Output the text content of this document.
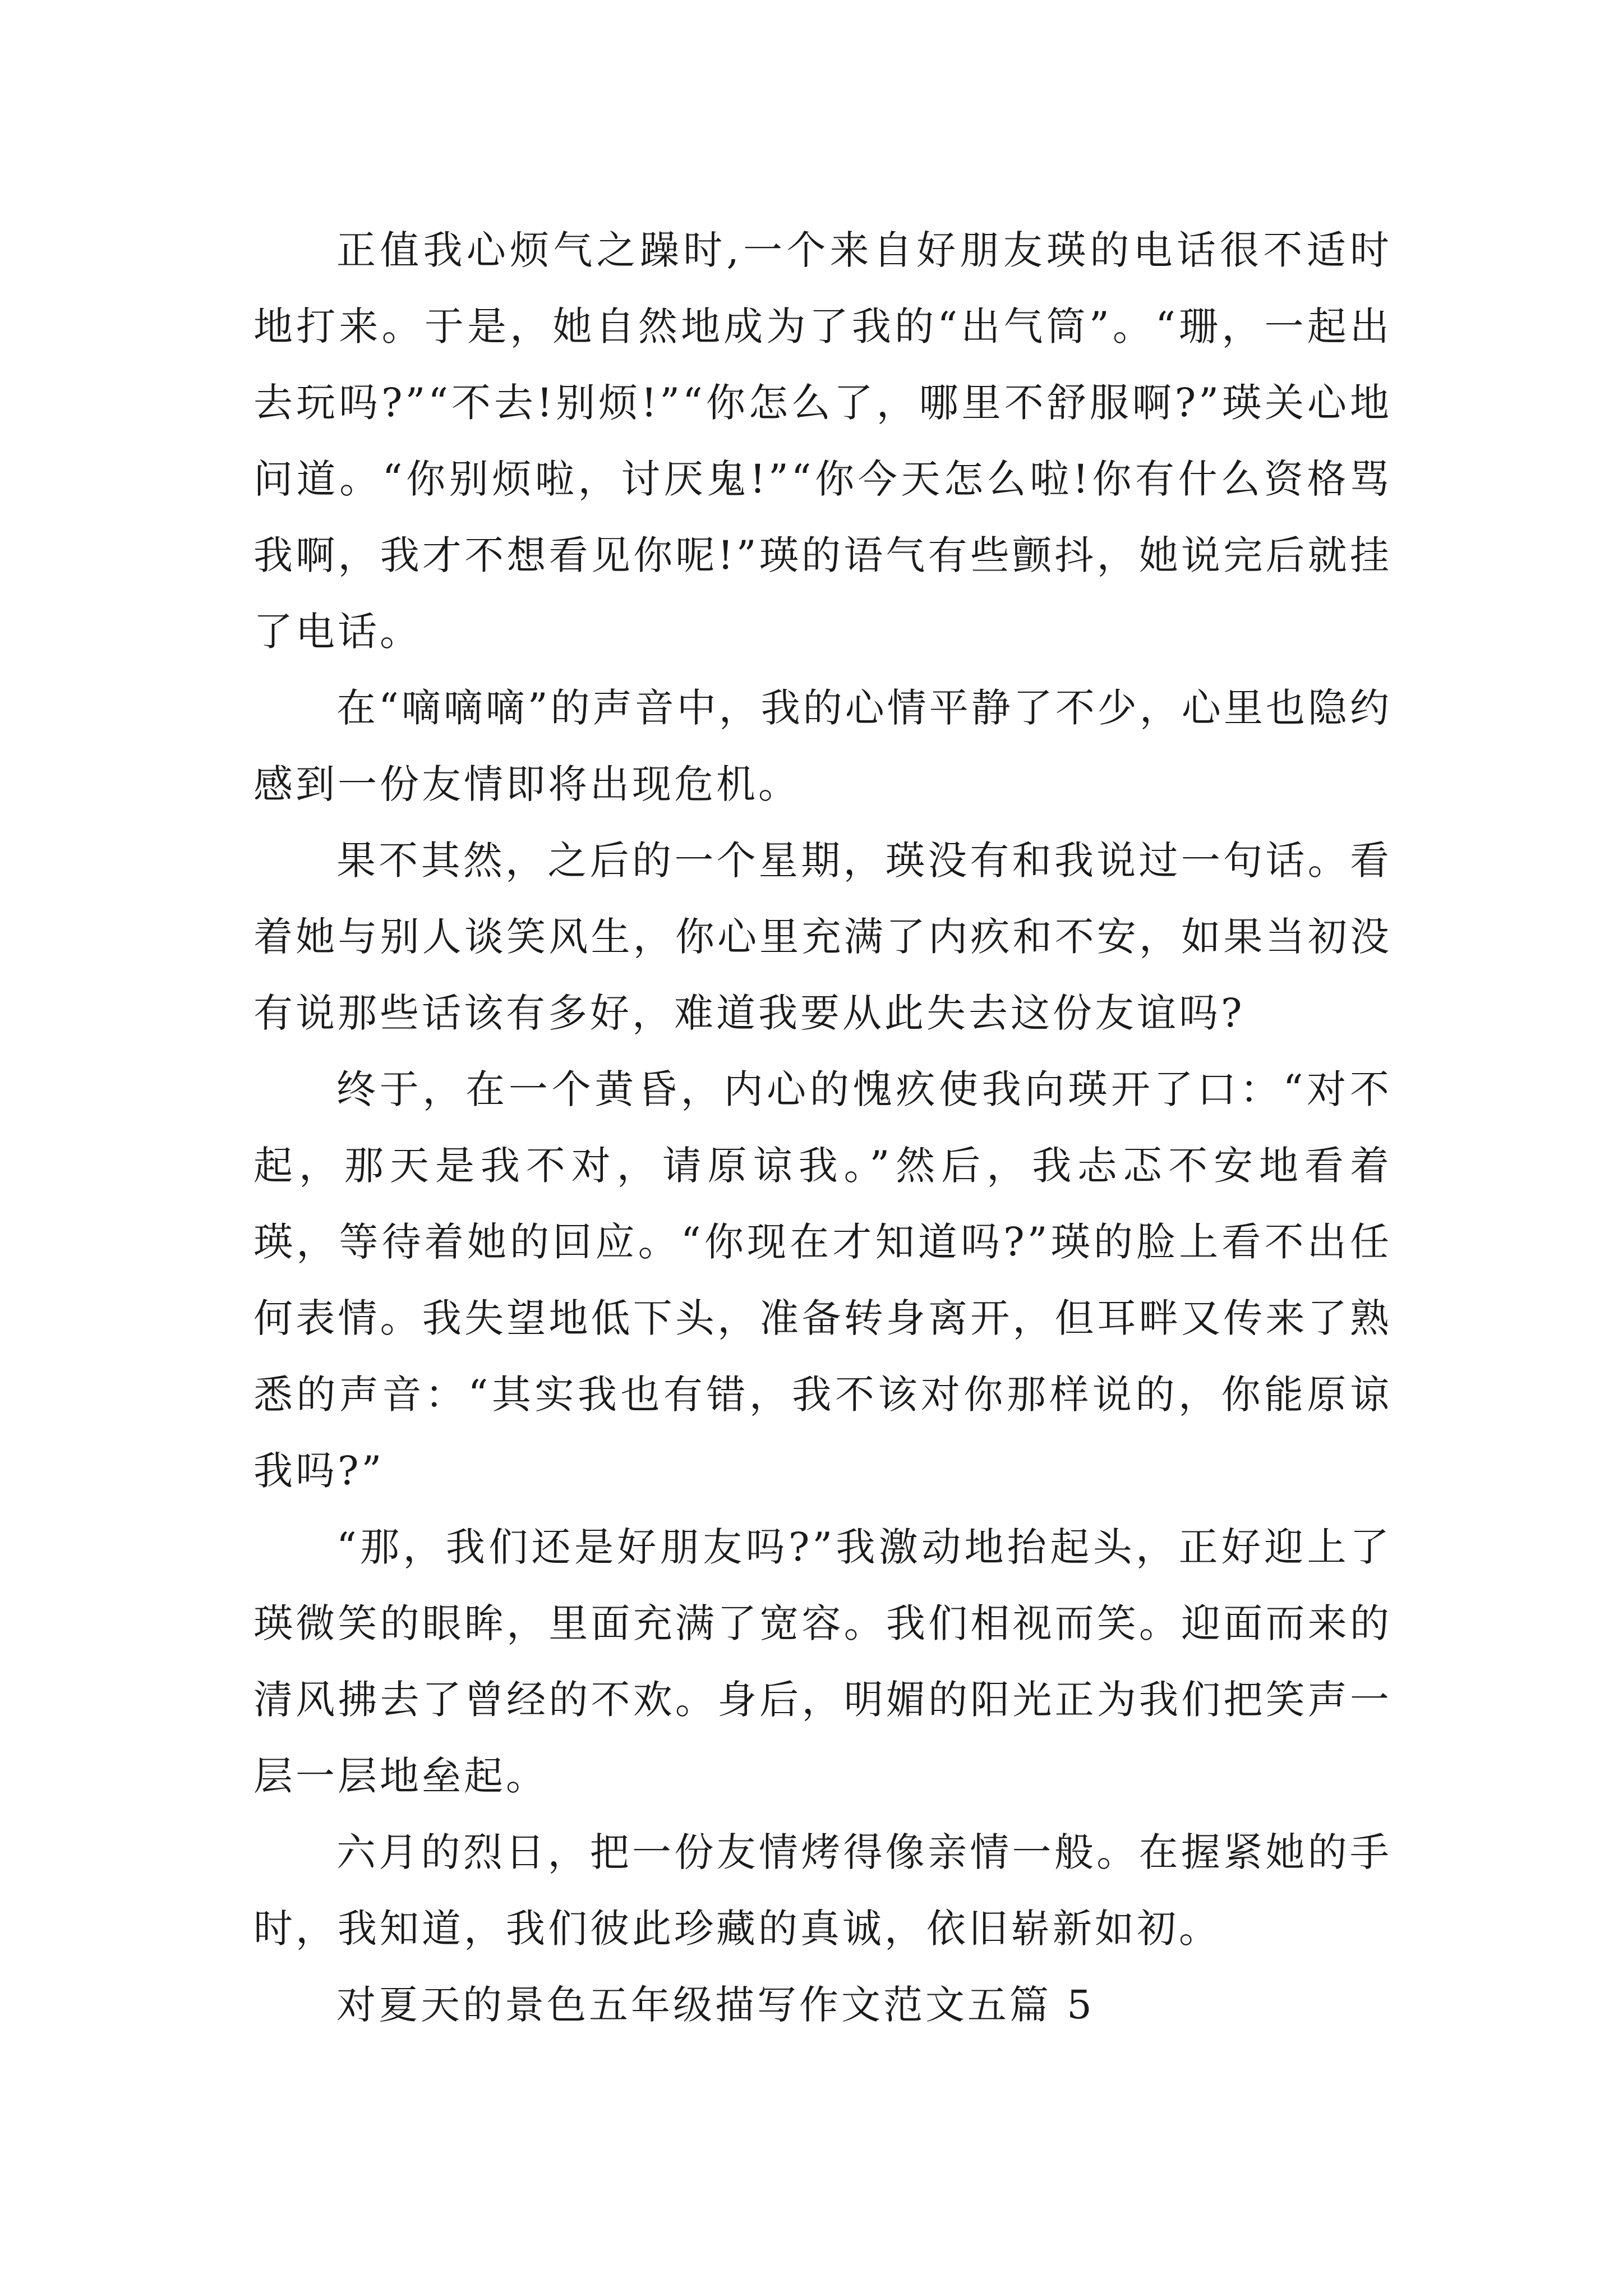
正值我心烦气之躁时,一个来自好朋友瑛的电话很不适时地打来。于是，她自然地成为了我的“出气筒”。“珊，一起出去玩吗?”“不去!别烦!”“你怎么了，哪里不舒服啊?”瑛关心地问道。“你别烦啦，讨厌鬼!”“你今天怎么啦!你有什么资格骂我啊，我才不想看见你呢!”瑛的语气有些颤抖，她说完后就挂了电话。

在“嘀嘀嘀”的声音中，我的心情平静了不少，心里也隐约感到一份友情即将出现危机。

果不其然，之后的一个星期，瑛没有和我说过一句话。看着她与别人谈笑风生，你心里充满了内疚和不安，如果当初没有说那些话该有多好，难道我要从此失去这份友谊吗?

终于，在一个黄昏，内心的愧疚使我向瑛开了口：“对不起，那天是我不对，请原谅我。”然后，我忐忑不安地看着瑛，等待着她的回应。“你现在才知道吗?”瑛的脸上看不出任何表情。我失望地低下头，准备转身离开，但耳畔又传来了熟悉的声音：“其实我也有错，我不该对你那样说的，你能原谅我吗?”

“那，我们还是好朋友吗?”我激动地抬起头，正好迎上了瑛微笑的眼眸，里面充满了宽容。我们相视而笑。迎面而来的清风拂去了曾经的不欢。身后，明媚的阳光正为我们把笑声一层一层地垒起。

六月的烈日，把一份友情烤得像亲情一般。在握紧她的手时，我知道，我们彼此珍藏的真诚，依旧崭新如初。

对夏天的景色五年级描写作文范文五篇 5
